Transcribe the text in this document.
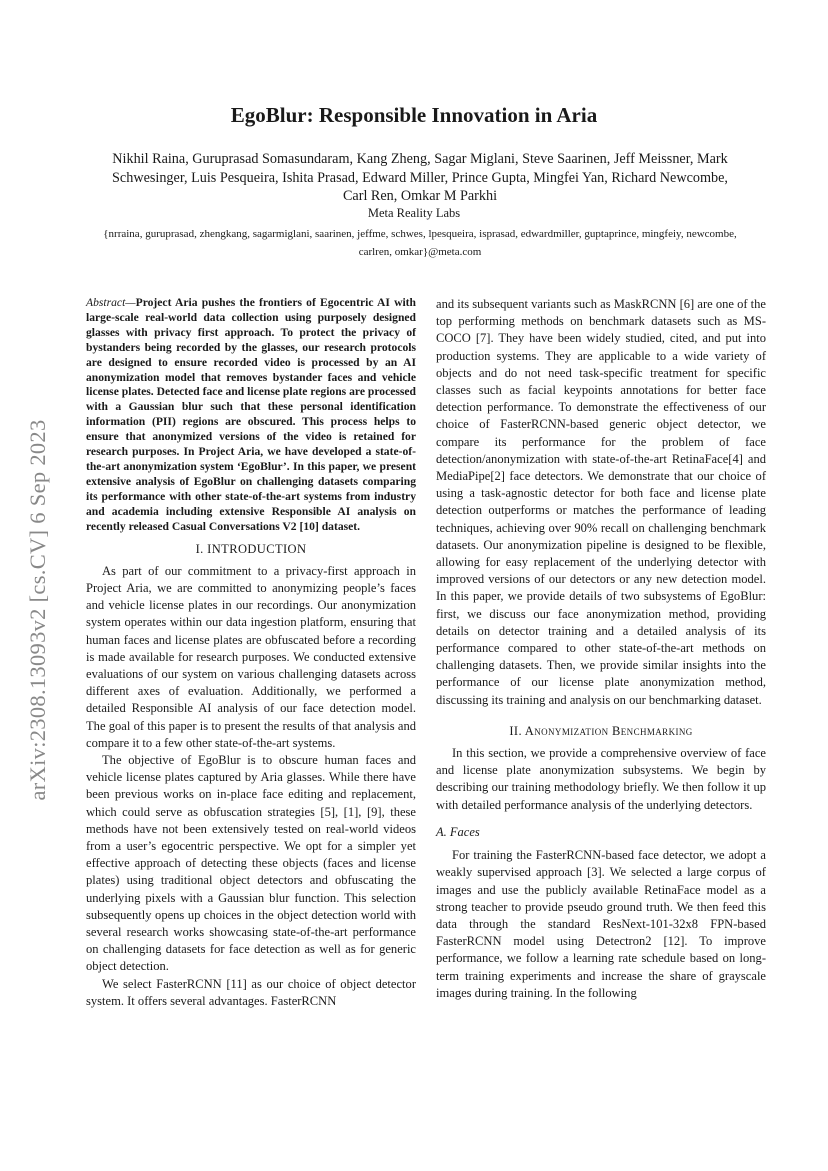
arXiv:2308.13093v2 [cs.CV] 6 Sep 2023
EgoBlur: Responsible Innovation in Aria

Nikhil Raina, Guruprasad Somasundaram, Kang Zheng, Sagar Miglani, Steve Saarinen, Jeff Meissner, Mark Schwesinger, Luis Pesqueira, Ishita Prasad, Edward Miller, Prince Gupta, Mingfei Yan, Richard Newcombe, Carl Ren, Omkar M Parkhi

Meta Reality Labs

{nrraina, guruprasad, zhengkang, sagarmiglani, saarinen, jeffme, schwes, lpesqueira, isprasad, edwardmiller, guptaprince, mingfeiy, newcombe, carlren, omkar}@meta.com

Abstract—Project Aria pushes the frontiers of Egocentric AI with large-scale real-world data collection using purposely designed glasses with privacy first approach. To protect the privacy of bystanders being recorded by the glasses, our research protocols are designed to ensure recorded video is processed by an AI anonymization model that removes bystander faces and vehicle license plates. Detected face and license plate regions are processed with a Gaussian blur such that these personal identification information (PII) regions are obscured. This process helps to ensure that anonymized versions of the video is retained for research purposes. In Project Aria, we have developed a state-of-the-art anonymization system ‘EgoBlur’. In this paper, we present extensive analysis of EgoBlur on challenging datasets comparing its performance with other state-of-the-art systems from industry and academia including extensive Responsible AI analysis on recently released Casual Conversations V2 [10] dataset.

I. INTRODUCTION

As part of our commitment to a privacy-first approach in Project Aria, we are committed to anonymizing people’s faces and vehicle license plates in our recordings. Our anonymization system operates within our data ingestion platform, ensuring that human faces and license plates are obfuscated before a recording is made available for research purposes. We conducted extensive evaluations of our system on various challenging datasets across different axes of evaluation. Additionally, we performed a detailed Responsible AI analysis of our face detection model. The goal of this paper is to present the results of that analysis and compare it to a few other state-of-the-art systems.

The objective of EgoBlur is to obscure human faces and vehicle license plates captured by Aria glasses. While there have been previous works on in-place face editing and replacement, which could serve as obfuscation strategies [5], [1], [9], these methods have not been extensively tested on real-world videos from a user’s egocentric perspective. We opt for a simpler yet effective approach of detecting these objects (faces and license plates) using traditional object detectors and obfuscating the underlying pixels with a Gaussian blur function. This selection subsequently opens up choices in the object detection world with several research works showcasing state-of-the-art performance on challenging datasets for face detection as well as for generic object detection.

We select FasterRCNN [11] as our choice of object detector system. It offers several advantages. FasterRCNN

and its subsequent variants such as MaskRCNN [6] are one of the top performing methods on benchmark datasets such as MS-COCO [7]. They have been widely studied, cited, and put into production systems. They are applicable to a wide variety of objects and do not need task-specific treatment for specific classes such as facial keypoints annotations for better face detection performance. To demonstrate the effectiveness of our choice of FasterRCNN-based generic object detector, we compare its performance for the problem of face detection/anonymization with state-of-the-art RetinaFace[4] and MediaPipe[2] face detectors. We demonstrate that our choice of using a task-agnostic detector for both face and license plate detection outperforms or matches the performance of leading techniques, achieving over 90% recall on challenging benchmark datasets. Our anonymization pipeline is designed to be flexible, allowing for easy replacement of the underlying detector with improved versions of our detectors or any new detection model. In this paper, we provide details of two subsystems of EgoBlur: first, we discuss our face anonymization method, providing details on detector training and a detailed analysis of its performance compared to other state-of-the-art methods on challenging datasets. Then, we provide similar insights into the performance of our license plate anonymization method, discussing its training and analysis on our benchmarking dataset.

II. Anonymization Benchmarking

In this section, we provide a comprehensive overview of face and license plate anonymization subsystems. We begin by describing our training methodology briefly. We then follow it up with detailed performance analysis of the underlying detectors.

A. Faces

For training the FasterRCNN-based face detector, we adopt a weakly supervised approach [3]. We selected a large corpus of images and use the publicly available RetinaFace model as a strong teacher to provide pseudo ground truth. We then feed this data through the standard ResNext-101-32x8 FPN-based FasterRCNN model using Detectron2 [12]. To improve performance, we follow a learning rate schedule based on long-term training experiments and increase the share of grayscale images during training. In the following
